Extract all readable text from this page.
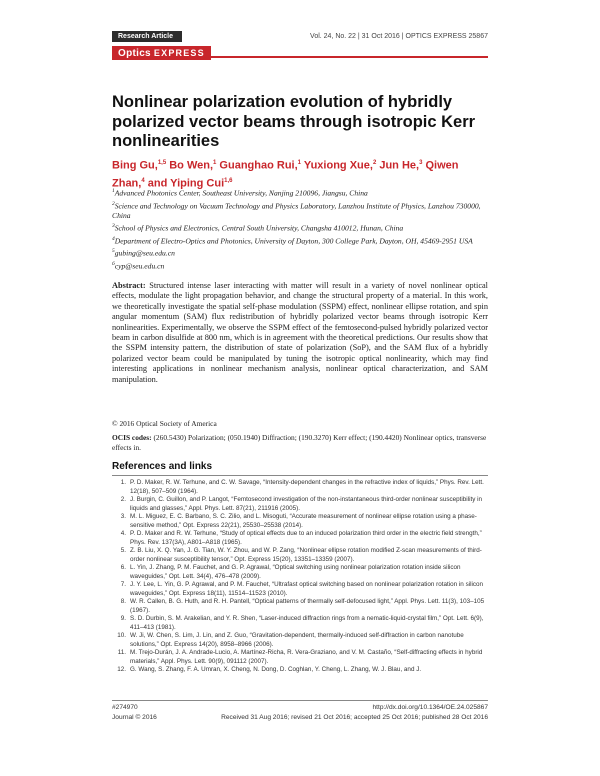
Research Article	Vol. 24, No. 22 | 31 Oct 2016 | OPTICS EXPRESS 25867
Optics EXPRESS
Nonlinear polarization evolution of hybridly polarized vector beams through isotropic Kerr nonlinearities
Bing Gu,$^{1,5}$ Bo Wen,$^1$ Guanghao Rui,$^1$ Yuxiong Xue,$^2$ Jun He,$^3$ Qiwen Zhan,$^4$ and Yiping Cui$^{1,6}$
$^1$Advanced Photonics Center, Southeast University, Nanjing 210096, Jiangsu, China
$^2$Science and Technology on Vacuum Technology and Physics Laboratory, Lanzhou Institute of Physics, Lanzhou 730000, China
$^3$School of Physics and Electronics, Central South University, Changsha 410012, Hunan, China
$^4$Department of Electro-Optics and Photonics, University of Dayton, 300 College Park, Dayton, OH, 45469-2951 USA
$^5$gubing@seu.edu.cn
$^6$cyp@seu.edu.cn
Abstract: Structured intense laser interacting with matter will result in a variety of novel nonlinear optical effects, modulate the light propagation behavior, and change the structural property of a material. In this work, we theoretically investigate the spatial self-phase modulation (SSPM) effect, nonlinear ellipse rotation, and spin angular momentum (SAM) flux redistribution of hybridly polarized vector beams through isotropic Kerr nonlinearities. Experimentally, we observe the SSPM effect of the femtosecond-pulsed hybridly polarized vector beam in carbon disulfide at 800 nm, which is in agreement with the theoretical predictions. Our results show that the SSPM intensity pattern, the distribution of state of polarization (SoP), and the SAM flux of a hybridly polarized vector beam could be manipulated by tuning the isotropic optical nonlinearity, which may find interesting applications in nonlinear mechanism analysis, nonlinear optical characterization, and SAM manipulation.
© 2016 Optical Society of America
OCIS codes: (260.5430) Polarization; (050.1940) Diffraction; (190.3270) Kerr effect; (190.4420) Nonlinear optics, transverse effects in.
References and links
1. P. D. Maker, R. W. Terhune, and C. W. Savage, “Intensity-dependent changes in the refractive index of liquids,” Phys. Rev. Lett. 12(18), 507–509 (1964).
2. J. Burgin, C. Guillon, and P. Langot, “Femtosecond investigation of the non-instantaneous third-order nonlinear susceptibility in liquids and glasses,” Appl. Phys. Lett. 87(21), 211916 (2005).
3. M. L. Miguez, E. C. Barbano, S. C. Zilio, and L. Misoguti, “Accurate measurement of nonlinear ellipse rotation using a phase-sensitive method,” Opt. Express 22(21), 25530–25538 (2014).
4. P. D. Maker and R. W. Terhune, “Study of optical effects due to an induced polarization third order in the electric field strength,” Phys. Rev. 137(3A), A801–A818 (1965).
5. Z. B. Liu, X. Q. Yan, J. G. Tian, W. Y. Zhou, and W. P. Zang, “Nonlinear ellipse rotation modified Z-scan measurements of third-order nonlinear susceptibility tensor,” Opt. Express 15(20), 13351–13359 (2007).
6. L. Yin, J. Zhang, P. M. Fauchet, and G. P. Agrawal, “Optical switching using nonlinear polarization rotation inside silicon waveguides,” Opt. Lett. 34(4), 476–478 (2009).
7. J. Y. Lee, L. Yin, G. P. Agrawal, and P. M. Fauchet, “Ultrafast optical switching based on nonlinear polarization rotation in silicon waveguides,” Opt. Express 18(11), 11514–11523 (2010).
8. W. R. Callen, B. G. Huth, and R. H. Pantell, “Optical patterns of thermally self-defocused light,” Appl. Phys. Lett. 11(3), 103–105 (1967).
9. S. D. Durbin, S. M. Arakelian, and Y. R. Shen, “Laser-induced diffraction rings from a nematic-liquid-crystal film,” Opt. Lett. 6(9), 411–413 (1981).
10. W. Ji, W. Chen, S. Lim, J. Lin, and Z. Guo, “Gravitation-dependent, thermally-induced self-diffraction in carbon nanotube solutions,” Opt. Express 14(20), 8958–8966 (2006).
11. M. Trejo-Durán, J. A. Andrade-Lucio, A. Martínez-Richa, R. Vera-Graziano, and V. M. Castaño, “Self-diffracting effects in hybrid materials,” Appl. Phys. Lett. 90(9), 091112 (2007).
12. G. Wang, S. Zhang, F. A. Umran, X. Cheng, N. Dong, D. Coghlan, Y. Cheng, L. Zhang, W. J. Blau, and J.
#274970
Journal © 2016
http://dx.doi.org/10.1364/OE.24.025867
Received 31 Aug 2016; revised 21 Oct 2016; accepted 25 Oct 2016; published 28 Oct 2016
